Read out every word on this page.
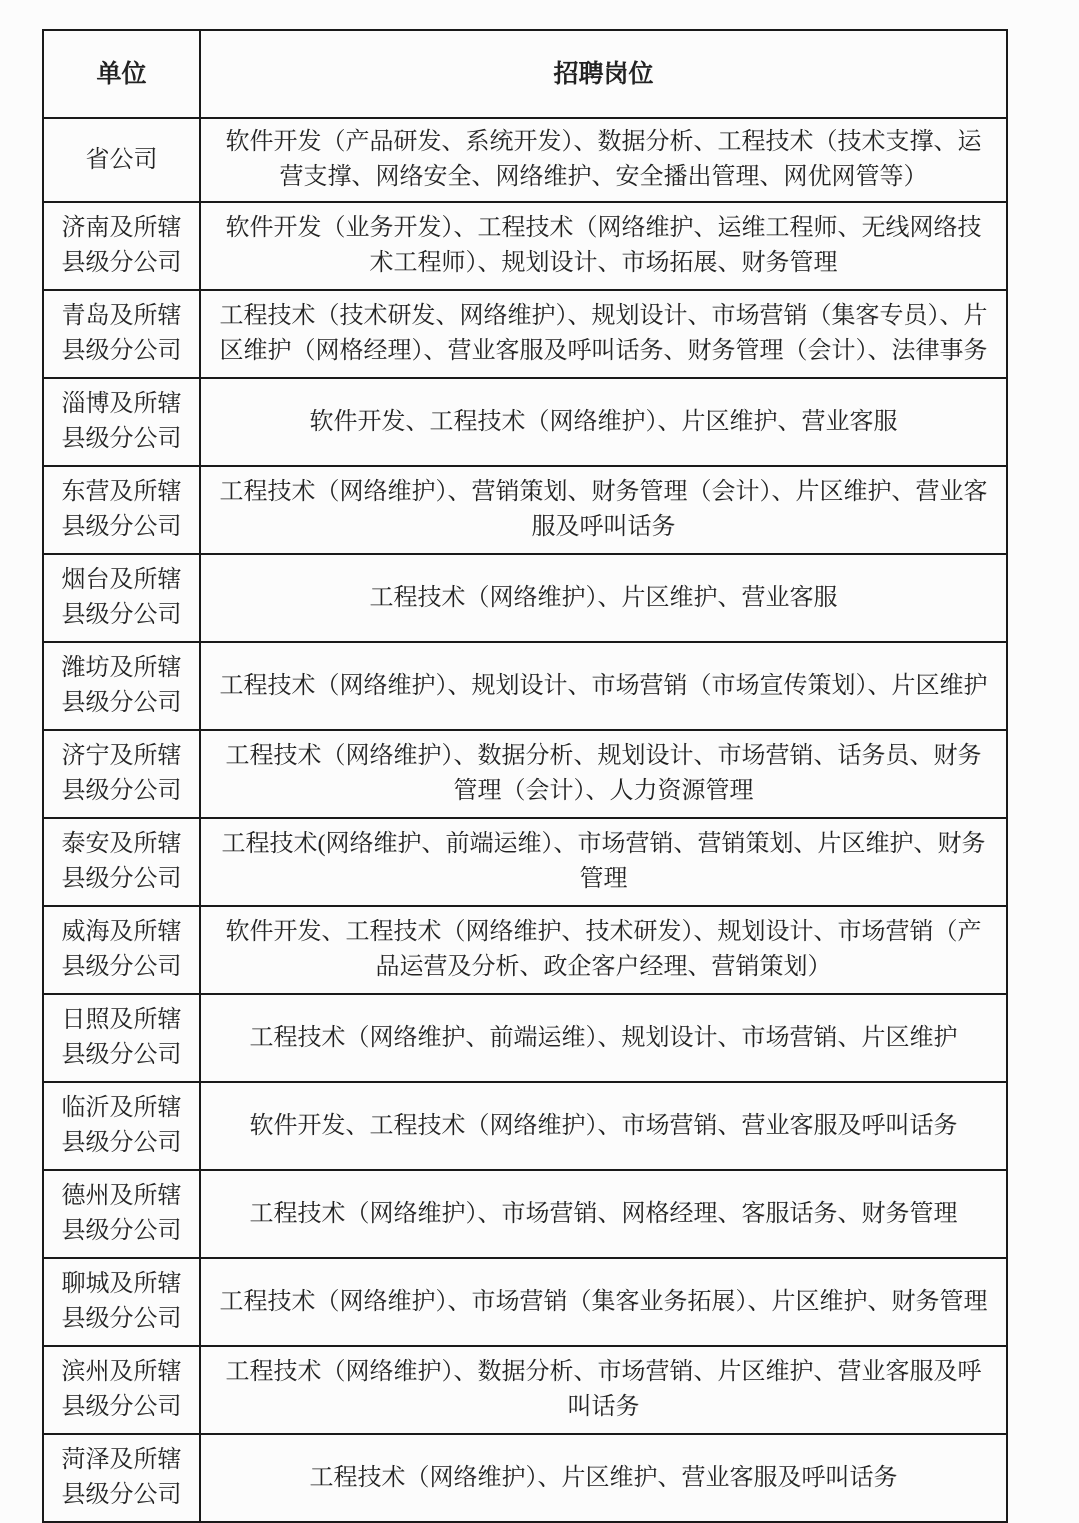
单位	招聘岗位
省公司	软件开发（产品研发、系统开发）、数据分析、工程技术（技术支撑、运营支撑、网络安全、网络维护、安全播出管理、网优网管等）
济南及所辖县级分公司	软件开发（业务开发）、工程技术（网络维护、运维工程师、无线网络技术工程师）、规划设计、市场拓展、财务管理
青岛及所辖县级分公司	工程技术（技术研发、网络维护）、规划设计、市场营销（集客专员）、片区维护（网格经理）、营业客服及呼叫话务、财务管理（会计）、法律事务
淄博及所辖县级分公司	软件开发、工程技术（网络维护）、片区维护、营业客服
东营及所辖县级分公司	工程技术（网络维护）、营销策划、财务管理（会计）、片区维护、营业客服及呼叫话务
烟台及所辖县级分公司	工程技术（网络维护）、片区维护、营业客服
潍坊及所辖县级分公司	工程技术（网络维护）、规划设计、市场营销（市场宣传策划）、片区维护
济宁及所辖县级分公司	工程技术（网络维护）、数据分析、规划设计、市场营销、话务员、财务管理（会计）、人力资源管理
泰安及所辖县级分公司	工程技术(网络维护、前端运维）、市场营销、营销策划、片区维护、财务管理
威海及所辖县级分公司	软件开发、工程技术（网络维护、技术研发）、规划设计、市场营销（产品运营及分析、政企客户经理、营销策划）
日照及所辖县级分公司	工程技术（网络维护、前端运维）、规划设计、市场营销、片区维护
临沂及所辖县级分公司	软件开发、工程技术（网络维护）、市场营销、营业客服及呼叫话务
德州及所辖县级分公司	工程技术（网络维护）、市场营销、网格经理、客服话务、财务管理
聊城及所辖县级分公司	工程技术（网络维护）、市场营销（集客业务拓展）、片区维护、财务管理
滨州及所辖县级分公司	工程技术（网络维护）、数据分析、市场营销、片区维护、营业客服及呼叫话务
菏泽及所辖县级分公司	工程技术（网络维护）、片区维护、营业客服及呼叫话务
